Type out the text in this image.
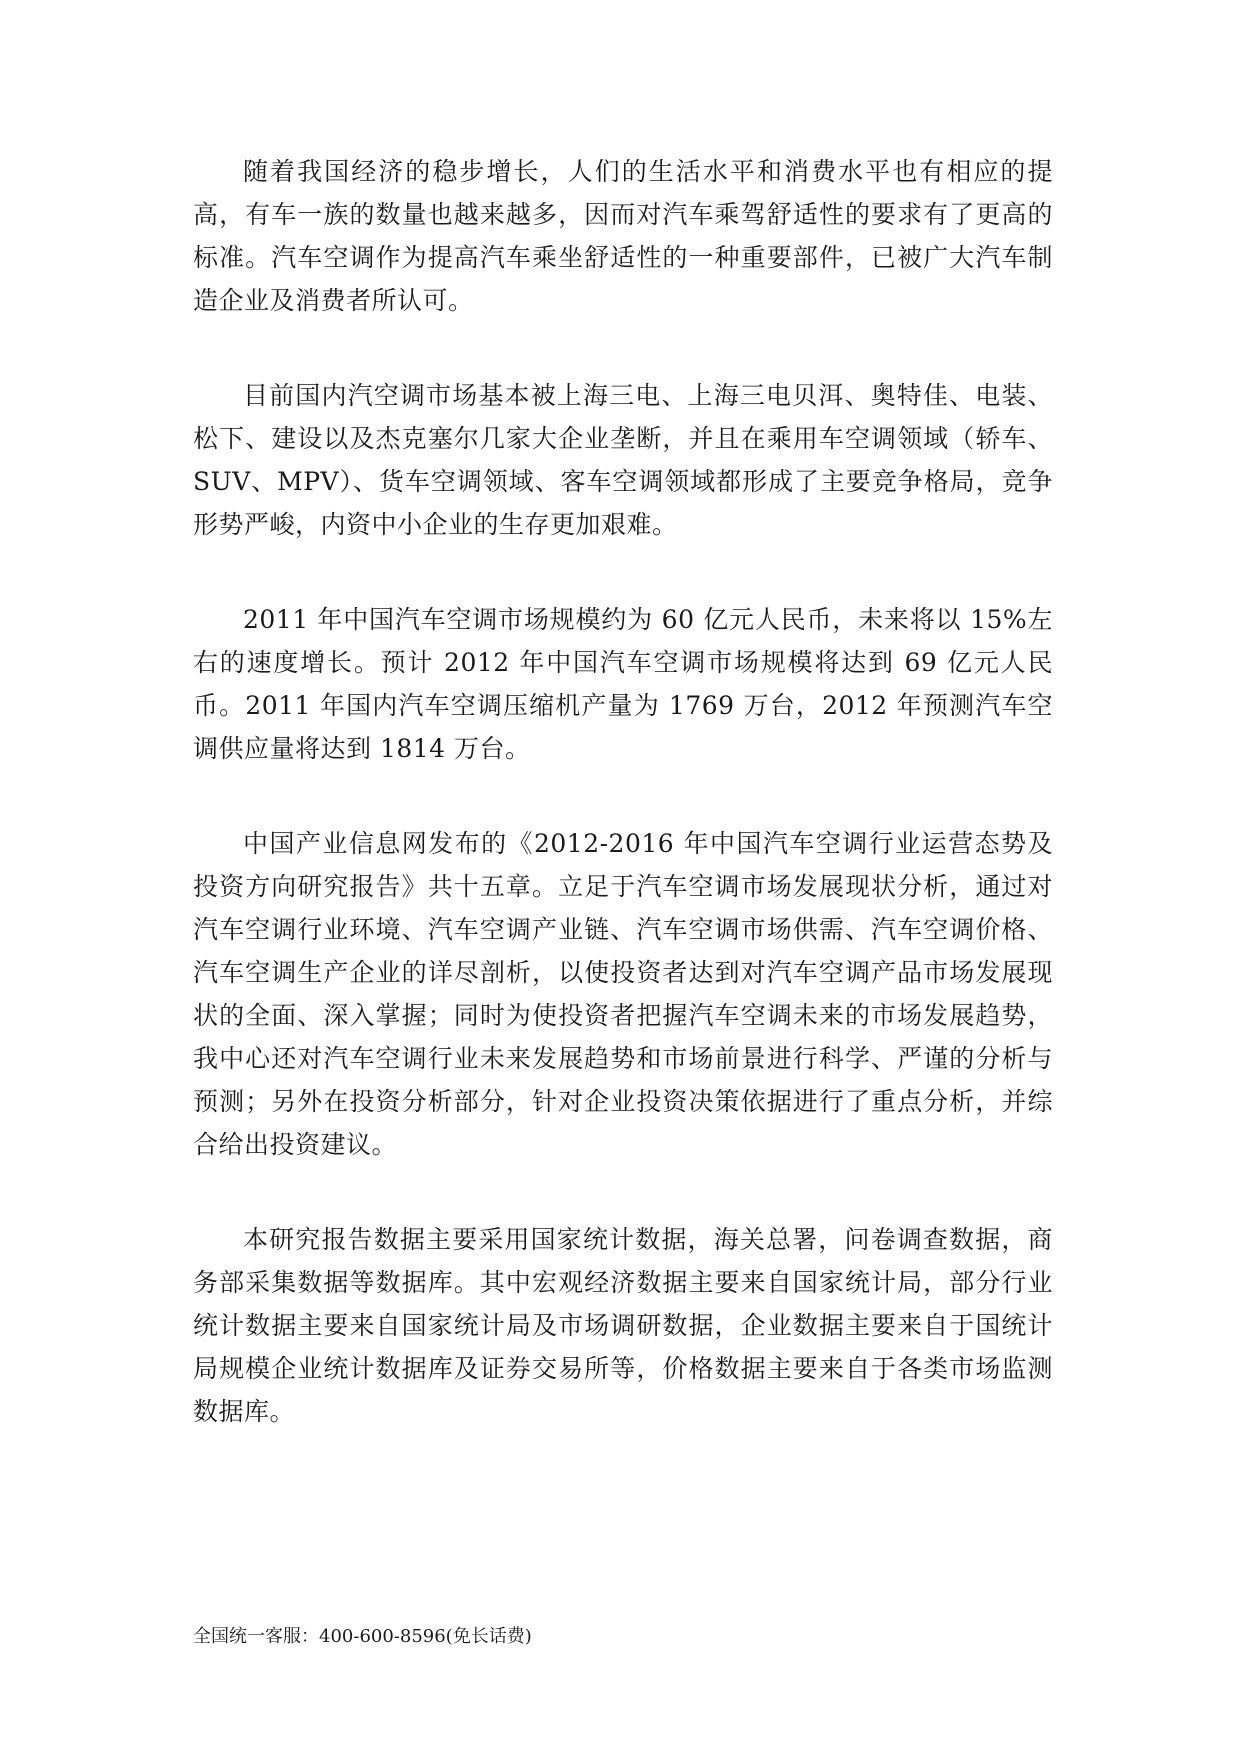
随着我国经济的稳步增长，人们的生活水平和消费水平也有相应的提高，有车一族的数量也越来越多，因而对汽车乘驾舒适性的要求有了更高的标准。汽车空调作为提高汽车乘坐舒适性的一种重要部件，已被广大汽车制造企业及消费者所认可。

目前国内汽空调市场基本被上海三电、上海三电贝洱、奥特佳、电装、松下、建设以及杰克塞尔几家大企业垄断，并且在乘用车空调领域（轿车、SUV、MPV）、货车空调领域、客车空调领域都形成了主要竞争格局，竞争形势严峻，内资中小企业的生存更加艰难。

2011 年中国汽车空调市场规模约为 60 亿元人民币，未来将以 15%左右的速度增长。预计 2012 年中国汽车空调市场规模将达到 69 亿元人民币。2011 年国内汽车空调压缩机产量为 1769 万台，2012 年预测汽车空调供应量将达到 1814 万台。

中国产业信息网发布的《2012-2016 年中国汽车空调行业运营态势及投资方向研究报告》共十五章。立足于汽车空调市场发展现状分析，通过对汽车空调行业环境、汽车空调产业链、汽车空调市场供需、汽车空调价格、汽车空调生产企业的详尽剖析，以使投资者达到对汽车空调产品市场发展现状的全面、深入掌握；同时为使投资者把握汽车空调未来的市场发展趋势，我中心还对汽车空调行业未来发展趋势和市场前景进行科学、严谨的分析与预测；另外在投资分析部分，针对企业投资决策依据进行了重点分析，并综合给出投资建议。

本研究报告数据主要采用国家统计数据，海关总署，问卷调查数据，商务部采集数据等数据库。其中宏观经济数据主要来自国家统计局，部分行业统计数据主要来自国家统计局及市场调研数据，企业数据主要来自于国统计局规模企业统计数据库及证券交易所等，价格数据主要来自于各类市场监测数据库。

全国统一客服：400-600-8596(免长话费)
